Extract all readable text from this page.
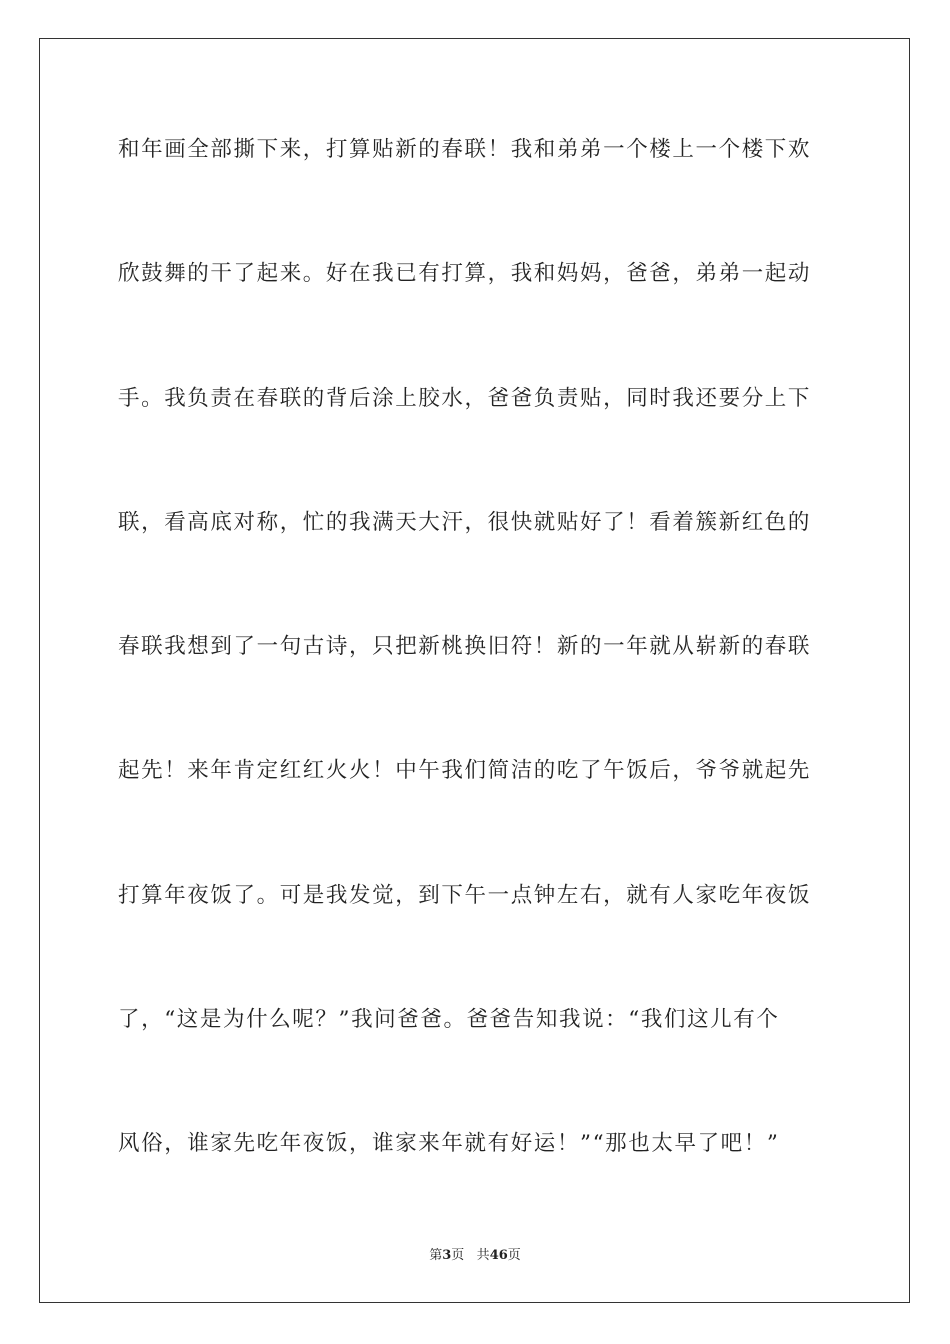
和年画全部撕下来，打算贴新的春联！我和弟弟一个楼上一个楼下欢
欣鼓舞的干了起来。好在我已有打算，我和妈妈，爸爸，弟弟一起动
手。我负责在春联的背后涂上胶水，爸爸负责贴，同时我还要分上下
联，看高底对称，忙的我满天大汗，很快就贴好了！看着簇新红色的
春联我想到了一句古诗，只把新桃换旧符！新的一年就从崭新的春联
起先！来年肯定红红火火！中午我们简洁的吃了午饭后，爷爷就起先
打算年夜饭了。可是我发觉，到下午一点钟左右，就有人家吃年夜饭
了，“这是为什么呢？”我问爸爸。爸爸告知我说：“我们这儿有个
风俗，谁家先吃年夜饭，谁家来年就有好运！”“那也太早了吧！”
第3页 共46页
